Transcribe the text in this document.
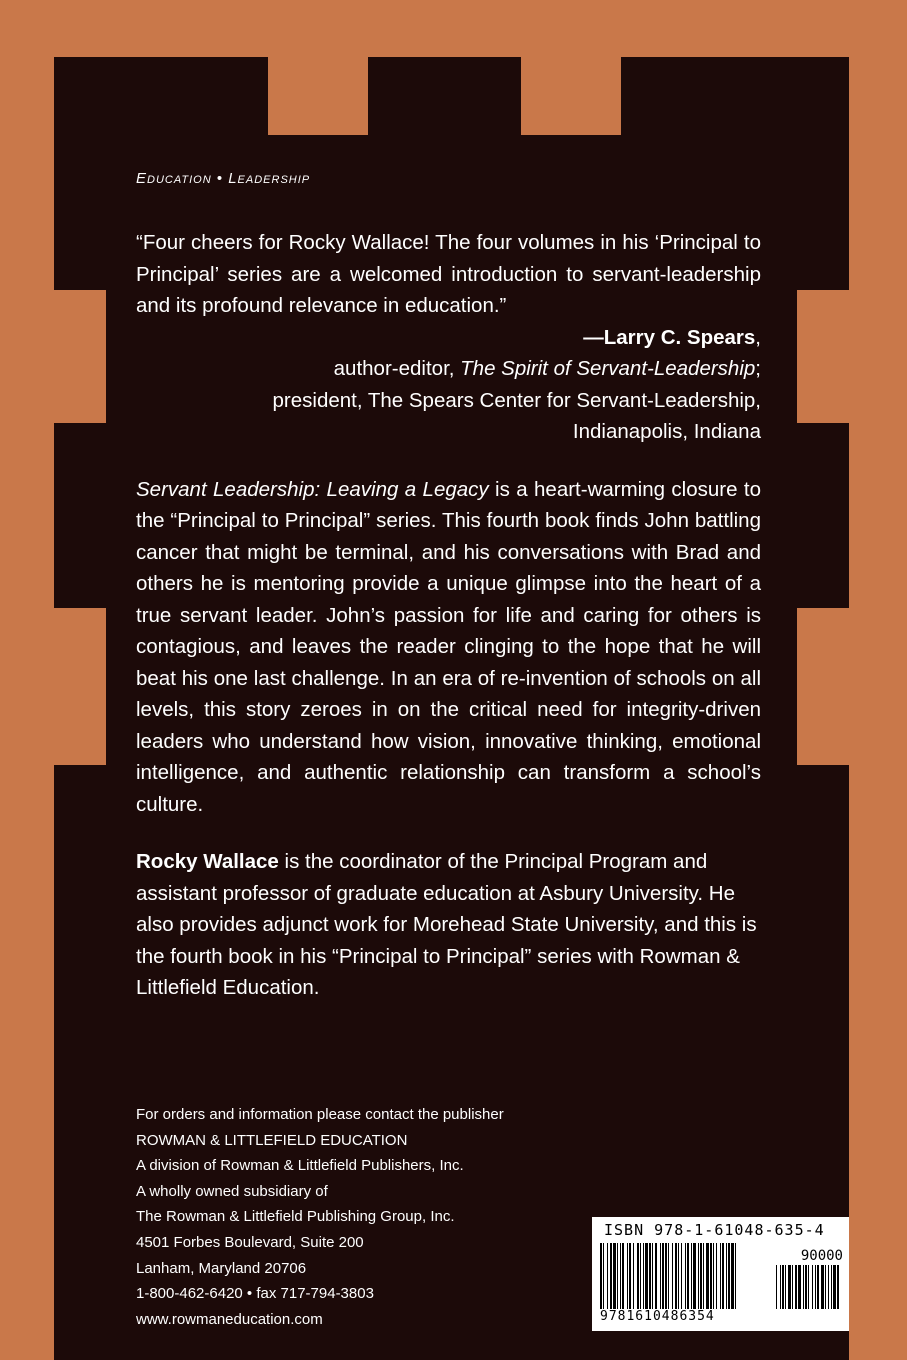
Education • Leadership

“Four cheers for Rocky Wallace! The four volumes in his ‘Principal to Principal’ series are a welcomed introduction to servant-leadership and its profound relevance in education.”

—Larry C. Spears,
author-editor, The Spirit of Servant-Leadership;
president, The Spears Center for Servant-Leadership,
Indianapolis, Indiana

Servant Leadership: Leaving a Legacy is a heart-warming closure to the “Principal to Principal” series. This fourth book finds John battling cancer that might be terminal, and his conversations with Brad and others he is mentoring provide a unique glimpse into the heart of a true servant leader. John’s passion for life and caring for others is contagious, and leaves the reader clinging to the hope that he will beat his one last challenge. In an era of re-invention of schools on all levels, this story zeroes in on the critical need for integrity-driven leaders who understand how vision, innovative thinking, emotional intelligence, and authentic relationship can transform a school’s culture.

Rocky Wallace is the coordinator of the Principal Program and assistant professor of graduate education at Asbury University. He also provides adjunct work for Morehead State University, and this is the fourth book in his “Principal to Principal” series with Rowman & Littlefield Education.

For orders and information please contact the publisher
ROWMAN & LITTLEFIELD EDUCATION
A division of Rowman & Littlefield Publishers, Inc.
A wholly owned subsidiary of
The Rowman & Littlefield Publishing Group, Inc.
4501 Forbes Boulevard, Suite 200
Lanham, Maryland 20706
1-800-462-6420 • fax 717-794-3803
www.rowmaneducation.com
ISBN 978-1-61048-635-4
90000
9781610486354
